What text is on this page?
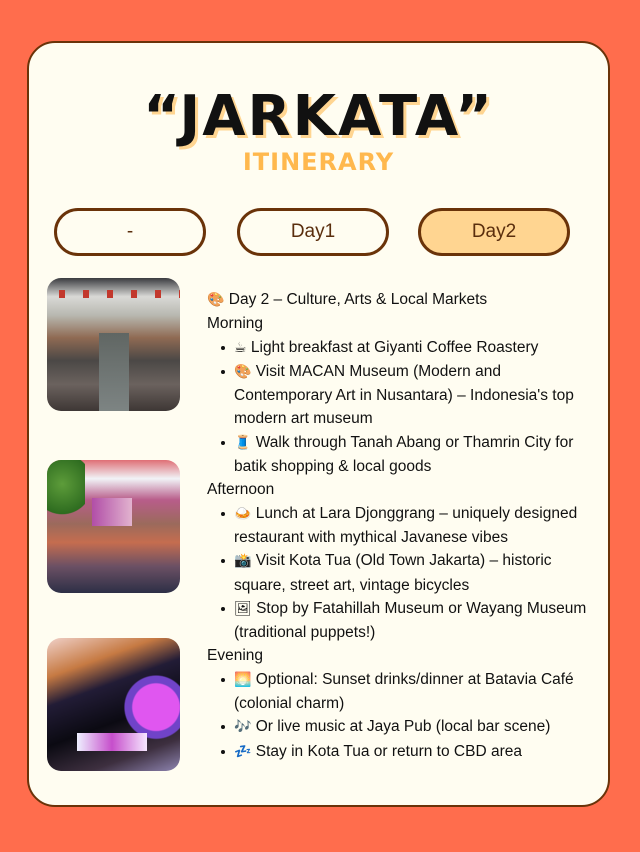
“JARKATA”
ITINERARY
-	Day1	Day2
🎨 Day 2 – Culture, Arts & Local Markets
Morning
☕ Light breakfast at Giyanti Coffee Roastery
🎨 Visit MACAN Museum (Modern and Contemporary Art in Nusantara) – Indonesia's top modern art museum
🧵 Walk through Tanah Abang or Thamrin City for batik shopping & local goods
Afternoon
🍛 Lunch at Lara Djonggrang – uniquely designed restaurant with mythical Javanese vibes
📸 Visit Kota Tua (Old Town Jakarta) – historic square, street art, vintage bicycles
🖼 Stop by Fatahillah Museum or Wayang Museum (traditional puppets!)
Evening
🌅 Optional: Sunset drinks/dinner at Batavia Café (colonial charm)
🎶 Or live music at Jaya Pub (local bar scene)
💤 Stay in Kota Tua or return to CBD area
